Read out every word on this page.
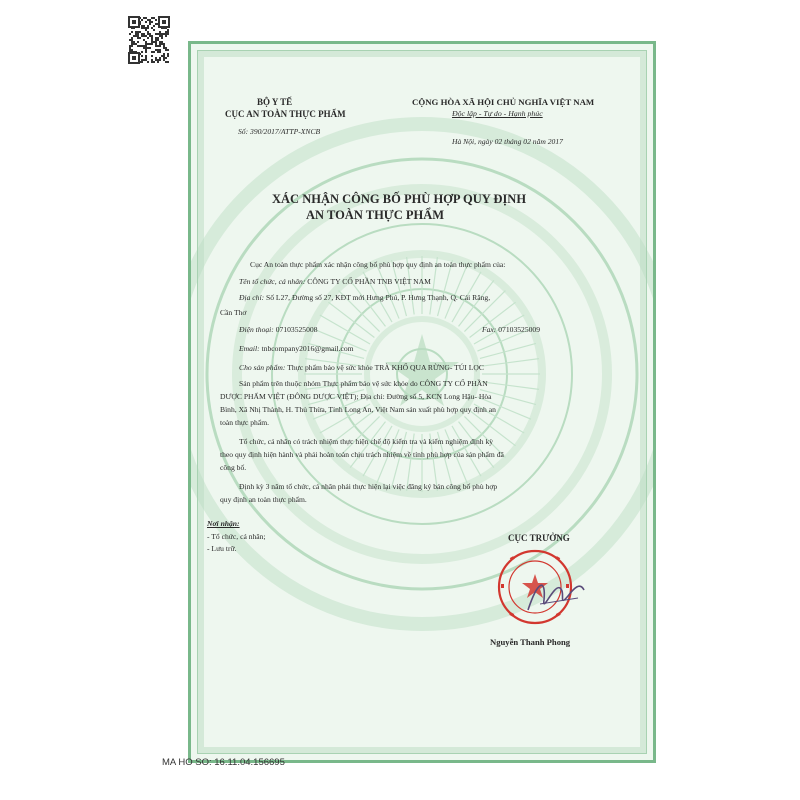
BỘ Y TẾ
CỤC AN TOÀN THỰC PHẨM
Số: 390/2017/ATTP-XNCB
CỘNG HÒA XÃ HỘI CHỦ NGHĨA VIỆT NAM
Độc lập - Tự do - Hạnh phúc
Hà Nội, ngày 02 tháng 02 năm 2017
XÁC NHẬN CÔNG BỐ PHÙ HỢP QUY ĐỊNH
AN TOÀN THỰC PHẨM
Cục An toàn thực phẩm xác nhận công bố phù hợp quy định an toàn thực phẩm của:
Tên tổ chức, cá nhân: CÔNG TY CỔ PHẦN TNB VIỆT NAM
Địa chỉ: Số L27, Đường số 27, KĐT mới Hưng Phú, P. Hưng Thạnh, Q. Cái Răng,
Cần Thơ
Điện thoại: 07103525008	Fax: 07103525009
Email: tnbcompany2016@gmail.com
Cho sản phẩm: Thực phẩm bảo vệ sức khỏe TRÀ KHỔ QUA RỪNG- TÚI LỌC
Sản phẩm trên thuộc nhóm Thực phẩm bảo vệ sức khỏe do CÔNG TY CỔ PHẦN
DƯỢC PHẨM VIỆT (ĐÔNG DƯỢC VIỆT); Địa chỉ: Đường số 5, KCN Long Hậu- Hòa
Bình, Xã Nhị Thành, H. Thủ Thừa, Tỉnh Long An, Việt Nam sản xuất phù hợp quy định an
toàn thực phẩm.
Tổ chức, cá nhân có trách nhiệm thực hiện chế độ kiểm tra và kiểm nghiệm định kỳ
theo quy định hiện hành và phải hoàn toàn chịu trách nhiệm về tính phù hợp của sản phẩm đã
công bố.
Định kỳ 3 năm tổ chức, cá nhân phải thực hiện lại việc đăng ký bản công bố phù hợp
quy định an toàn thực phẩm.
Nơi nhận:
- Tổ chức, cá nhân;
- Lưu trữ.
CỤC TRƯỞNG
Nguyễn Thanh Phong
MA HO SO: 16.11.04.156695
